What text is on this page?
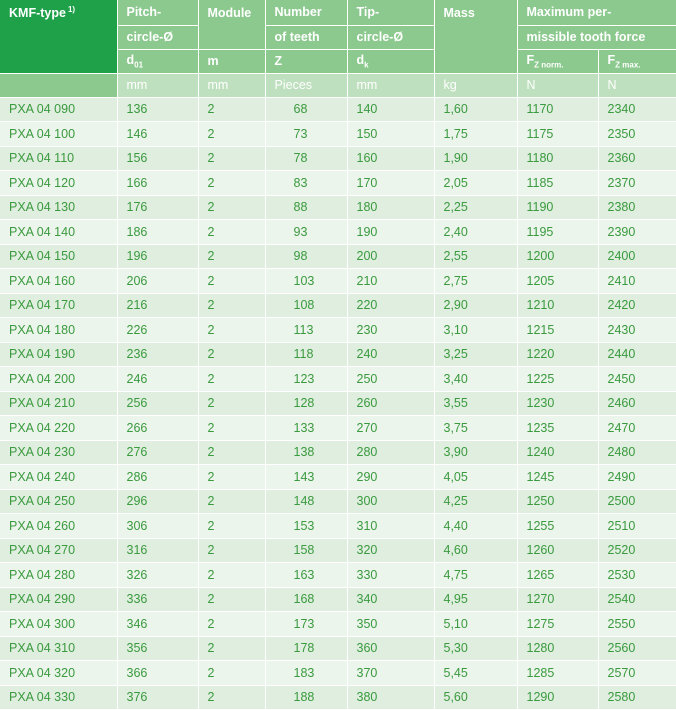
KMF-type $^{1)}$	Pitch-	Module	Number	Tip-	Mass	Maximum per-	
	circle-Ø		of teeth	circle-Ø		missible tooth force	
	$d_{01}$	m	Z	$d_k$		$F_{Z norm.}$	$F_{Z max.}$
	mm	mm	Pieces	mm	kg	N	N
PXA 04 090	136	2	68	140	1,60	1170	2340
PXA 04 100	146	2	73	150	1,75	1175	2350
PXA 04 110	156	2	78	160	1,90	1180	2360
PXA 04 120	166	2	83	170	2,05	1185	2370
PXA 04 130	176	2	88	180	2,25	1190	2380
PXA 04 140	186	2	93	190	2,40	1195	2390
PXA 04 150	196	2	98	200	2,55	1200	2400
PXA 04 160	206	2	103	210	2,75	1205	2410
PXA 04 170	216	2	108	220	2,90	1210	2420
PXA 04 180	226	2	113	230	3,10	1215	2430
PXA 04 190	236	2	118	240	3,25	1220	2440
PXA 04 200	246	2	123	250	3,40	1225	2450
PXA 04 210	256	2	128	260	3,55	1230	2460
PXA 04 220	266	2	133	270	3,75	1235	2470
PXA 04 230	276	2	138	280	3,90	1240	2480
PXA 04 240	286	2	143	290	4,05	1245	2490
PXA 04 250	296	2	148	300	4,25	1250	2500
PXA 04 260	306	2	153	310	4,40	1255	2510
PXA 04 270	316	2	158	320	4,60	1260	2520
PXA 04 280	326	2	163	330	4,75	1265	2530
PXA 04 290	336	2	168	340	4,95	1270	2540
PXA 04 300	346	2	173	350	5,10	1275	2550
PXA 04 310	356	2	178	360	5,30	1280	2560
PXA 04 320	366	2	183	370	5,45	1285	2570
PXA 04 330	376	2	188	380	5,60	1290	2580
